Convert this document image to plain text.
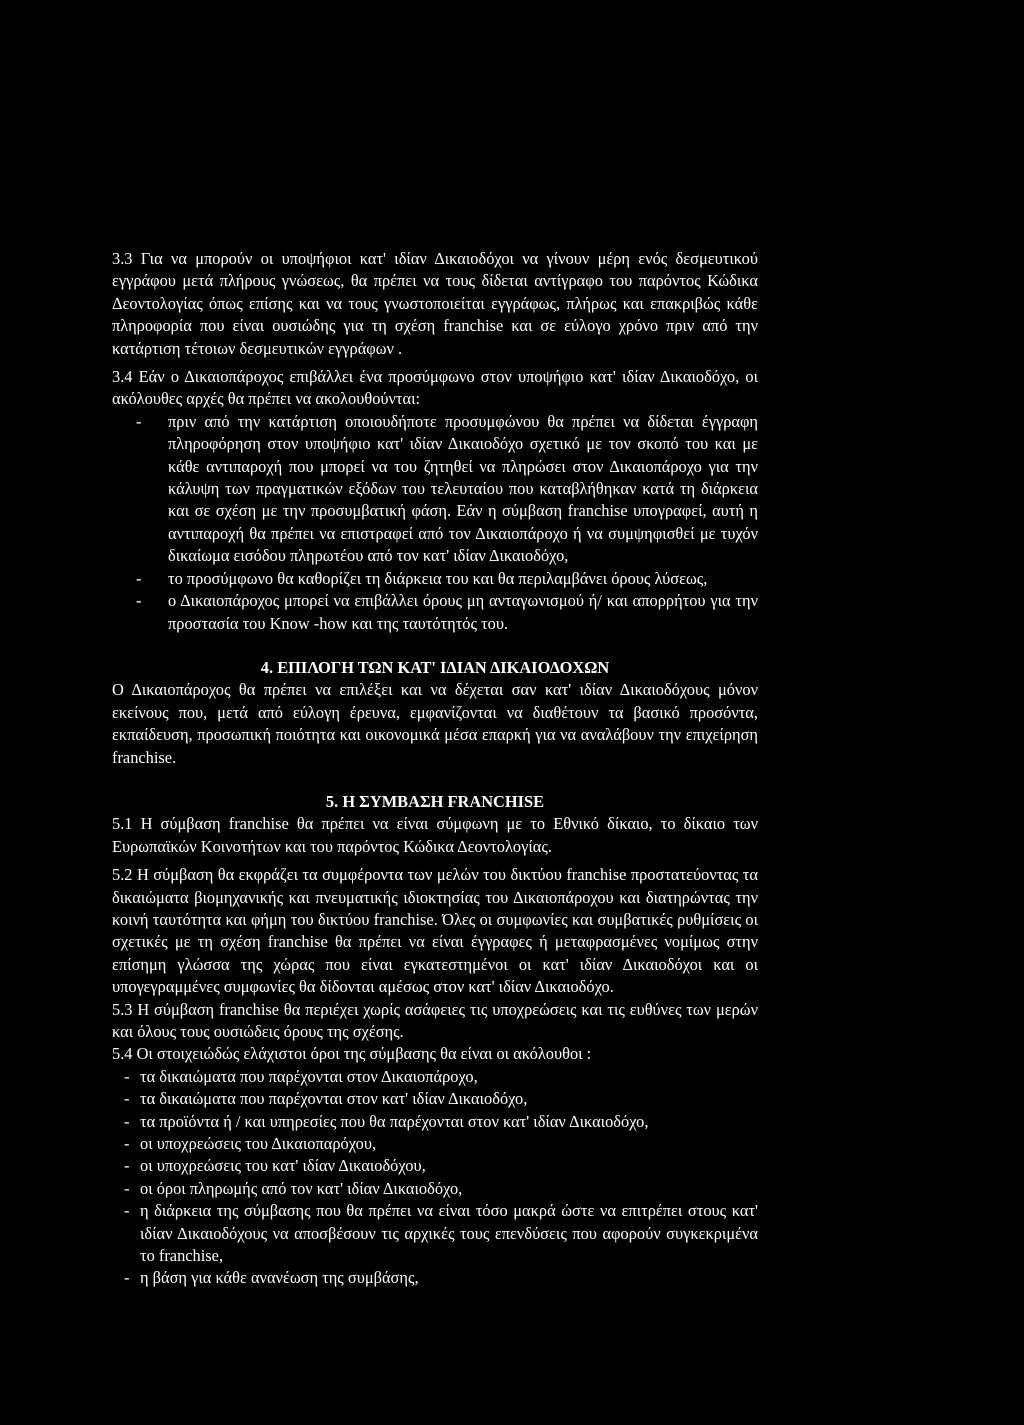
3.3 Για να μπορούν οι υποψήφιοι κατ' ιδίαν Δικαιοδόχοι να γίνουν μέρη ενός δεσμευτικού εγγράφου μετά πλήρους γνώσεως, θα πρέπει να τους δίδεται αντίγραφο του παρόντος Κώδικα Δεοντολογίας όπως επίσης και να τους γνωστοποιείται εγγράφως, πλήρως και επακριβώς κάθε πληροφορία που είναι ουσιώδης για τη σχέση franchise και σε εύλογο χρόνο πριν από την κατάρτιση τέτοιων δεσμευτικών εγγράφων .

3.4 Εάν ο Δικαιοπάροχος επιβάλλει ένα προσύμφωνο στον υποψήφιο κατ' ιδίαν Δικαιοδόχο, οι ακόλουθες αρχές θα πρέπει να ακολουθούνται:

- πριν από την κατάρτιση οποιουδήποτε προσυμφώνου θα πρέπει να δίδεται έγγραφη πληροφόρηση στον υποψήφιο κατ' ιδίαν Δικαιοδόχο σχετικό με τον σκοπό του και με κάθε αντιπαροχή που μπορεί να του ζητηθεί να πληρώσει στον Δικαιοπάροχο για την κάλυψη των πραγματικών εξόδων του τελευταίου που καταβλήθηκαν κατά τη διάρκεια και σε σχέση με την προσυμβατική φάση. Εάν η σύμβαση franchise υπογραφεί, αυτή η αντιπαροχή θα πρέπει να επιστραφεί από τον Δικαιοπάροχο ή να συμψηφισθεί με τυχόν δικαίωμα εισόδου πληρωτέου από τον κατ' ιδίαν Δικαιοδόχο,
- το προσύμφωνο θα καθορίζει τη διάρκεια του και θα περιλαμβάνει όρους λύσεως,
- ο Δικαιοπάροχος μπορεί να επιβάλλει όρους μη ανταγωνισμού ή/ και απορρήτου για την προστασία του Know -how και της ταυτότητός του.

4. ΕΠΙΛΟΓΗ ΤΩΝ ΚΑΤ' ΙΔΙΑΝ ΔΙΚΑΙΟΔΟΧΩΝ

Ο Δικαιοπάροχος θα πρέπει να επιλέξει και να δέχεται σαν κατ' ιδίαν Δικαιοδόχους μόνον εκείνους που, μετά από εύλογη έρευνα, εμφανίζονται να διαθέτουν τα βασικό προσόντα, εκπαίδευση, προσωπική ποιότητα και οικονομικά μέσα επαρκή για να αναλάβουν την επιχείρηση franchise.

5. Η ΣΥΜΒΑΣΗ FRANCHISE

5.1 Η σύμβαση franchise θα πρέπει να είναι σύμφωνη με το Εθνικό δίκαιο, το δίκαιο των Ευρωπαϊκών Κοινοτήτων και του παρόντος Κώδικα Δεοντολογίας.

5.2 Η σύμβαση θα εκφράζει τα συμφέροντα των μελών του δικτύου franchise προστατεύοντας τα δικαιώματα βιομηχανικής και πνευματικής ιδιοκτησίας του Δικαιοπάροχου και διατηρώντας την κοινή ταυτότητα και φήμη του δικτύου franchise. Όλες οι συμφωνίες και συμβατικές ρυθμίσεις οι σχετικές με τη σχέση franchise θα πρέπει να είναι έγγραφες ή μεταφρασμένες νομίμως στην επίσημη γλώσσα της χώρας που είναι εγκατεστημένοι οι κατ' ιδίαν Δικαιοδόχοι και οι υπογεγραμμένες συμφωνίες θα δίδονται αμέσως στον κατ' ιδίαν Δικαιοδόχο.

5.3 Η σύμβαση franchise θα περιέχει χωρίς ασάφειες τις υποχρεώσεις και τις ευθύνες των μερών και όλους τους ουσιώδεις όρους της σχέσης.

5.4 Οι στοιχειώδώς ελάχιστοι όροι της σύμβασης θα είναι οι ακόλουθοι :

- τα δικαιώματα που παρέχονται στον Δικαιοπάροχο,
- τα δικαιώματα που παρέχονται στον κατ' ιδίαν Δικαιοδόχο,
- τα προϊόντα ή / και υπηρεσίες που θα παρέχονται στον κατ' ιδίαν Δικαιοδόχο,
- οι υποχρεώσεις του Δικαιοπαρόχου,
- οι υποχρεώσεις του κατ' ιδίαν Δικαιοδόχου,
- οι όροι πληρωμής από τον κατ' ιδίαν Δικαιοδόχο,
- η διάρκεια της σύμβασης που θα πρέπει να είναι τόσο μακρά ώστε να επιτρέπει στους κατ' ιδίαν Δικαιοδόχους να αποσβέσουν τις αρχικές τους επενδύσεις που αφορούν συγκεκριμένα το franchise,
- η βάση για κάθε ανανέωση της συμβάσης,
